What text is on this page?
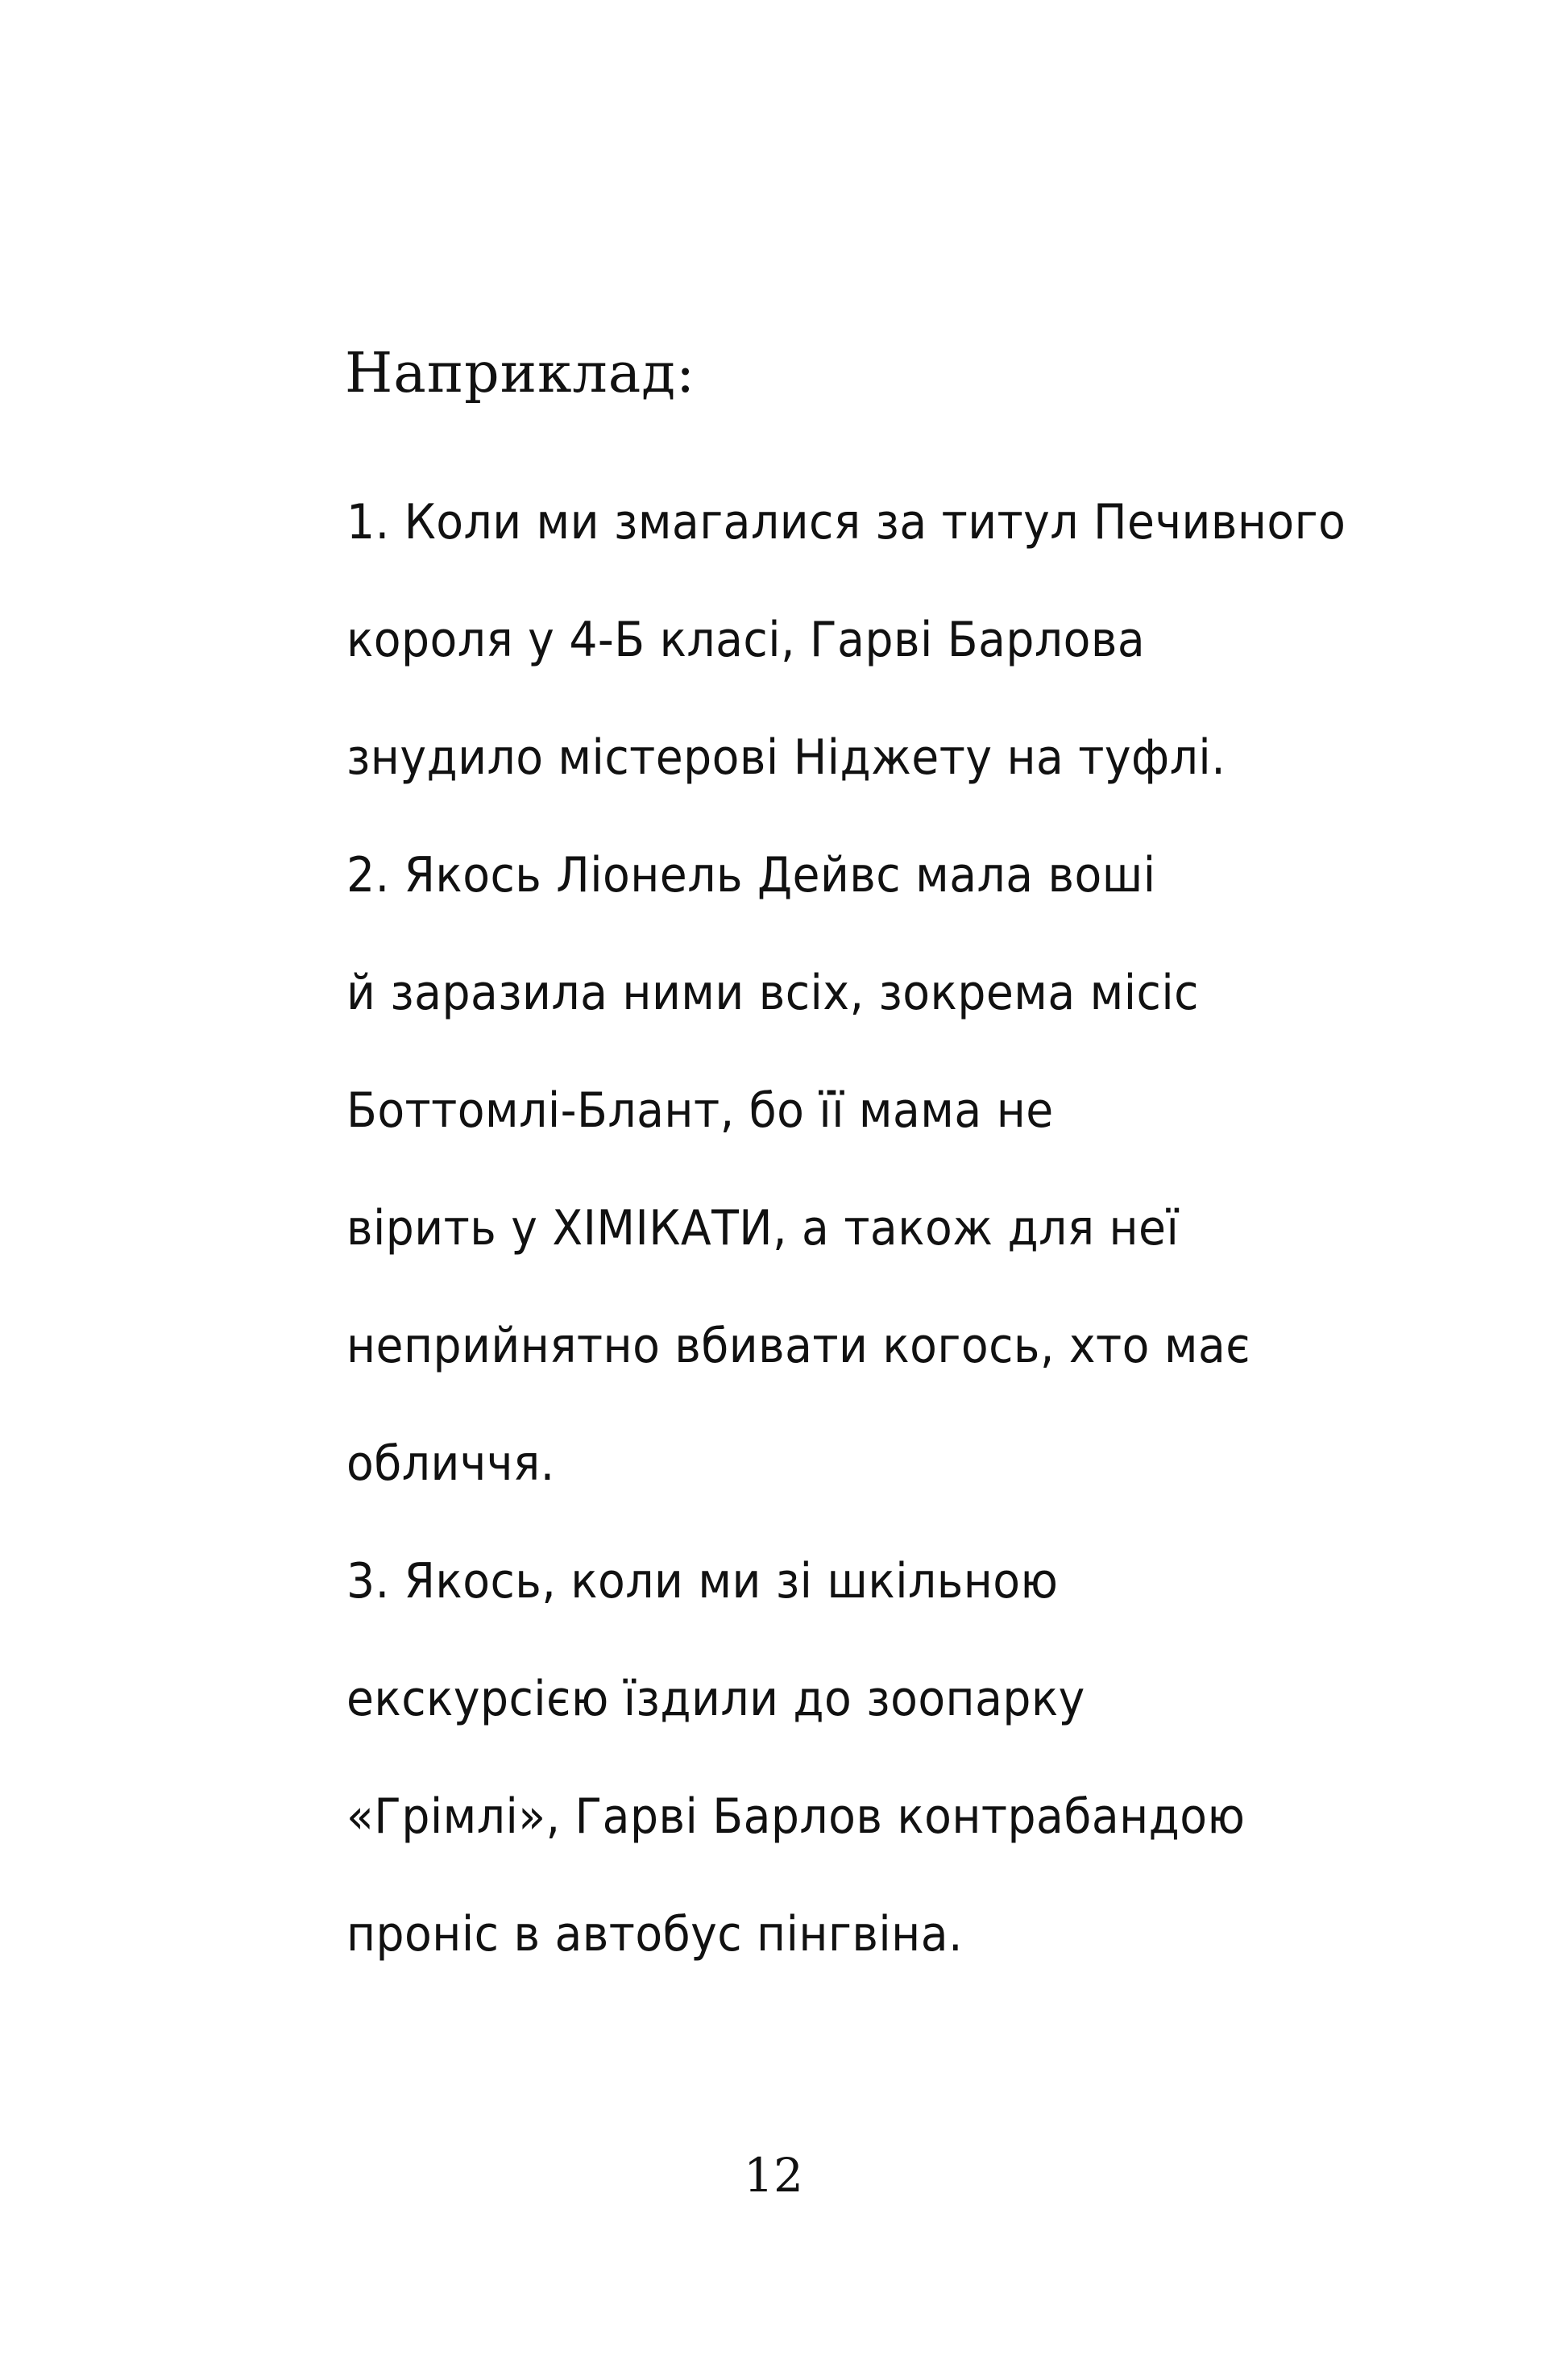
Наприклад:
1. Коли ми змагалися за титул Печивного
короля у 4-Б класі, Гарві Барлова
знудило містерові Ніджету на туфлі.
2. Якось Ліонель Дейвс мала воші
й заразила ними всіх, зокрема місіс
Боттомлі-Блант, бо її мама не
вірить у ХІМІКАТИ, а також для неї
неприйнятно вбивати когось, хто має
обличчя.
3. Якось, коли ми зі шкільною
екскурсією їздили до зоопарку
«Грімлі», Гарві Барлов контрабандою
проніс в автобус пінгвіна.
12
